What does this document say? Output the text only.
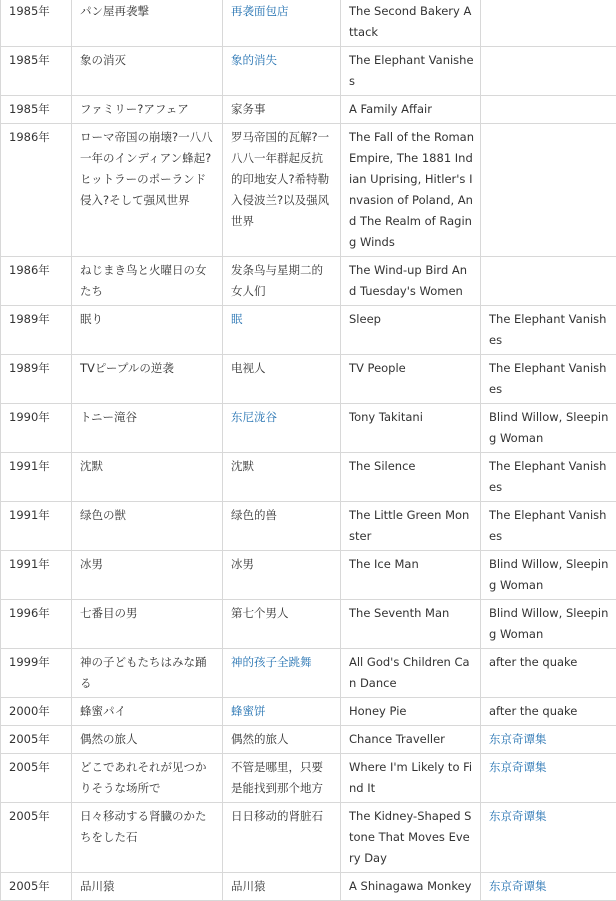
1985年	パン屋再袭撃	再袭面包店	The Second Bakery Attack	
1985年	象の消灭	象的消失	The Elephant Vanishes	
1985年	ファミリー?アフェア	家务事	A Family Affair	
1986年	ローマ帝国の崩壊?一八八一年のインディアン蜂起?ヒットラーのポーランド侵入?そして强风世界	罗马帝国的瓦解?一八八一年群起反抗的印地安人?希特勒入侵波兰?以及强风世界	The Fall of the Roman Empire, The 1881 Indian Uprising, Hitler's Invasion of Poland, And The Realm of Raging Winds	
1986年	ねじまき鸟と火曜日の女たち	发条鸟与星期二的女人们	The Wind-up Bird And Tuesday's Women	
1989年	眠り	眠	Sleep	The Elephant Vanishes
1989年	TVピープルの逆袭	电视人	TV People	The Elephant Vanishes
1990年	トニー滝谷	东尼泷谷	Tony Takitani	Blind Willow, Sleeping Woman
1991年	沈默	沈默	The Silence	The Elephant Vanishes
1991年	绿色の獣	绿色的兽	The Little Green Monster	The Elephant Vanishes
1991年	冰男	冰男	The Ice Man	Blind Willow, Sleeping Woman
1996年	七番目の男	第七个男人	The Seventh Man	Blind Willow, Sleeping Woman
1999年	神の子どもたちはみな踊る	神的孩子全跳舞	All God's Children Can Dance	after the quake
2000年	蜂蜜パイ	蜂蜜饼	Honey Pie	after the quake
2005年	偶然の旅人	偶然的旅人	Chance Traveller	东京奇谭集
2005年	どこであれそれが见つかりそうな场所で	不管是哪里，只要是能找到那个地方	Where I'm Likely to Find It	东京奇谭集
2005年	日々移动する肾臓のかたちをした石	日日移动的肾脏石	The Kidney-Shaped Stone That Moves Every Day	东京奇谭集
2005年	品川猿	品川猿	A Shinagawa Monkey	东京奇谭集
